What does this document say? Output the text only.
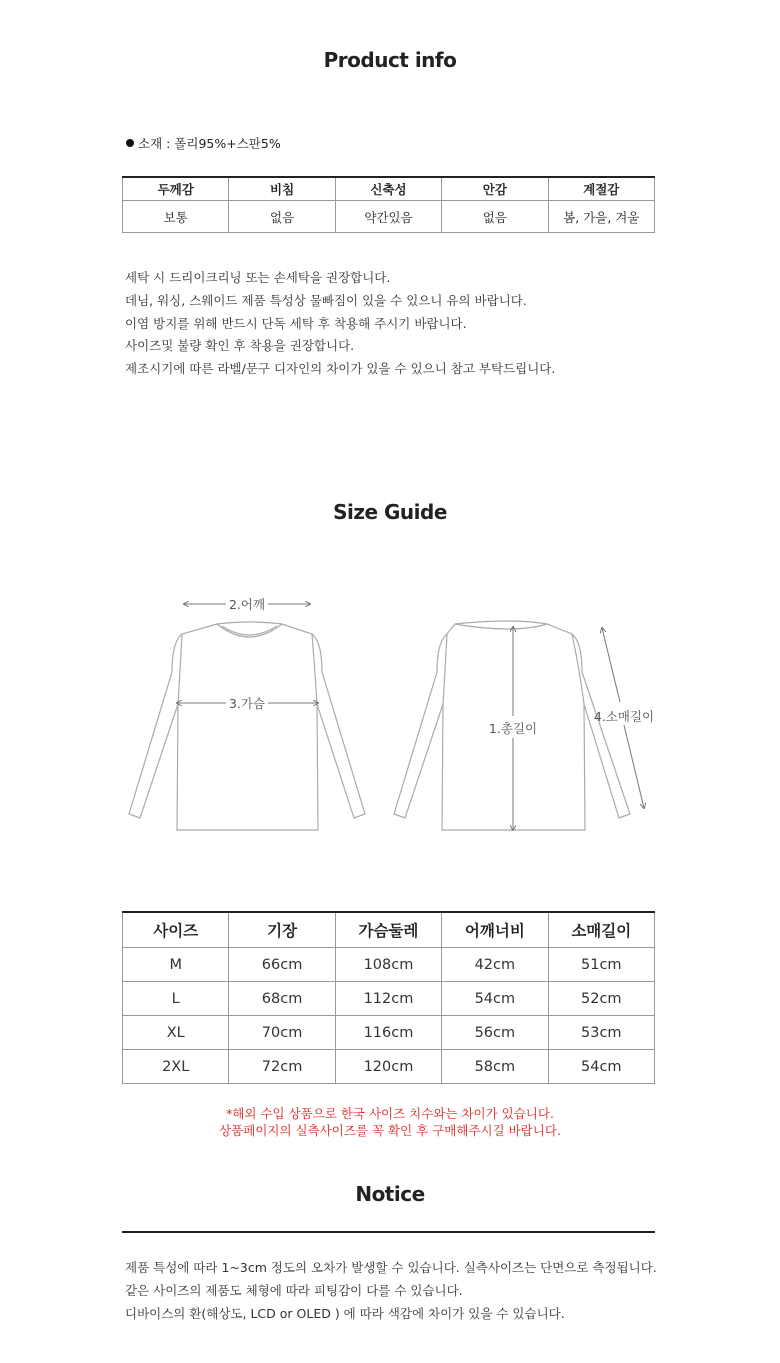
Product info
소재 : 폴리95%+스판5%
두께감	비침	신축성	안감	계절감
보통	없음	약간있음	없음	봄, 가을, 겨울
세탁 시 드리이크리닝 또는 손세탁을 권장합니다.
데님, 워싱, 스웨이드 제품 특성상 물빠짐이 있을 수 있으니 유의 바랍니다.
이염 방지를 위해 반드시 단독 세탁 후 착용해 주시기 바랍니다.
사이즈및 불량 확인 후 착용을 권장합니다.
제조시기에 따른 라벨/문구 디자인의 차이가 있을 수 있으니 참고 부탁드립니다.
Size Guide
2.어깨
3.가슴
1.총길이
4.소매길이
사이즈	기장	가슴둘레	어깨너비	소매길이
M	66cm	108cm	42cm	51cm
L	68cm	112cm	54cm	52cm
XL	70cm	116cm	56cm	53cm
2XL	72cm	120cm	58cm	54cm
*해외 수입 상품으로 한국 사이즈 치수와는 차이가 있습니다.
상품페이지의 실측사이즈를 꼭 확인 후 구매해주시길 바랍니다.
Notice
제품 특성에 따라 1~3cm 정도의 오차가 발생할 수 있습니다. 실측사이즈는 단면으로 측정됩니다.
같은 사이즈의 제품도 체형에 따라 피팅감이 다를 수 있습니다.
디바이스의 환(해상도, LCD or OLED ) 에 따라 색감에 차이가 있을 수 있습니다.
